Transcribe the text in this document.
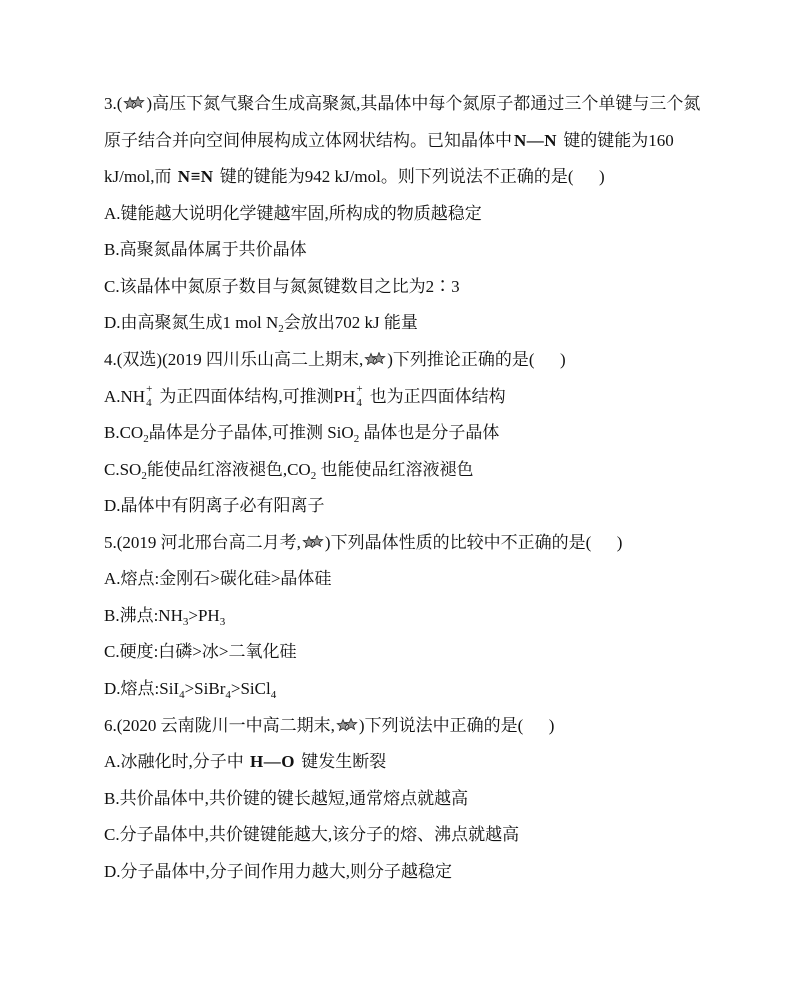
3.( )高压下氮气聚合生成高聚氮,其晶体中每个氮原子都通过三个单键与三个氮
原子结合并向空间伸展构成立体网状结构。已知晶体中 N—N 键的键能为160
kJ/mol,而 N≡N 键的键能为942 kJ/mol。则下列说法不正确的是(      )
A.键能越大说明化学键越牢固,所构成的物质越稳定
B.高聚氮晶体属于共价晶体
C.该晶体中氮原子数目与氮氮键数目之比为2∶3
D.由高聚氮生成1 mol $N_2$会放出702 kJ 能量
4.(双选)(2019 四川乐山高二上期末, )下列推论正确的是(      )
A.NH +
4 为正四面体结构,可推测PH +
4 也为正四面体结构
$B.CO_2$晶体是分子晶体,可推测 SiO$_2$ 晶体也是分子晶体
$C.SO_2$能使品红溶液褪色$,CO_2$ 也能使品红溶液褪色
D.晶体中有阴离子必有阳离子
5.(2019 河北邢台高二月考, )下列晶体性质的比较中不正确的是(      )
A.熔点:金刚石>碳化硅>晶体硅
B.沸点$:NH_3>PH_3$
C.硬度:白磷>冰>二氧化硅
D.熔点:SiI$_4$>SiBr$_4$>SiCl$_4$
6.(2020 云南陇川一中高二期末, )下列说法中正确的是(      )
A.冰融化时,分子中 H—O 键发生断裂
B.共价晶体中,共价键的键长越短,通常熔点就越高
C.分子晶体中,共价键键能越大,该分子的熔、沸点就越高
D.分子晶体中,分子间作用力越大,则分子越稳定
